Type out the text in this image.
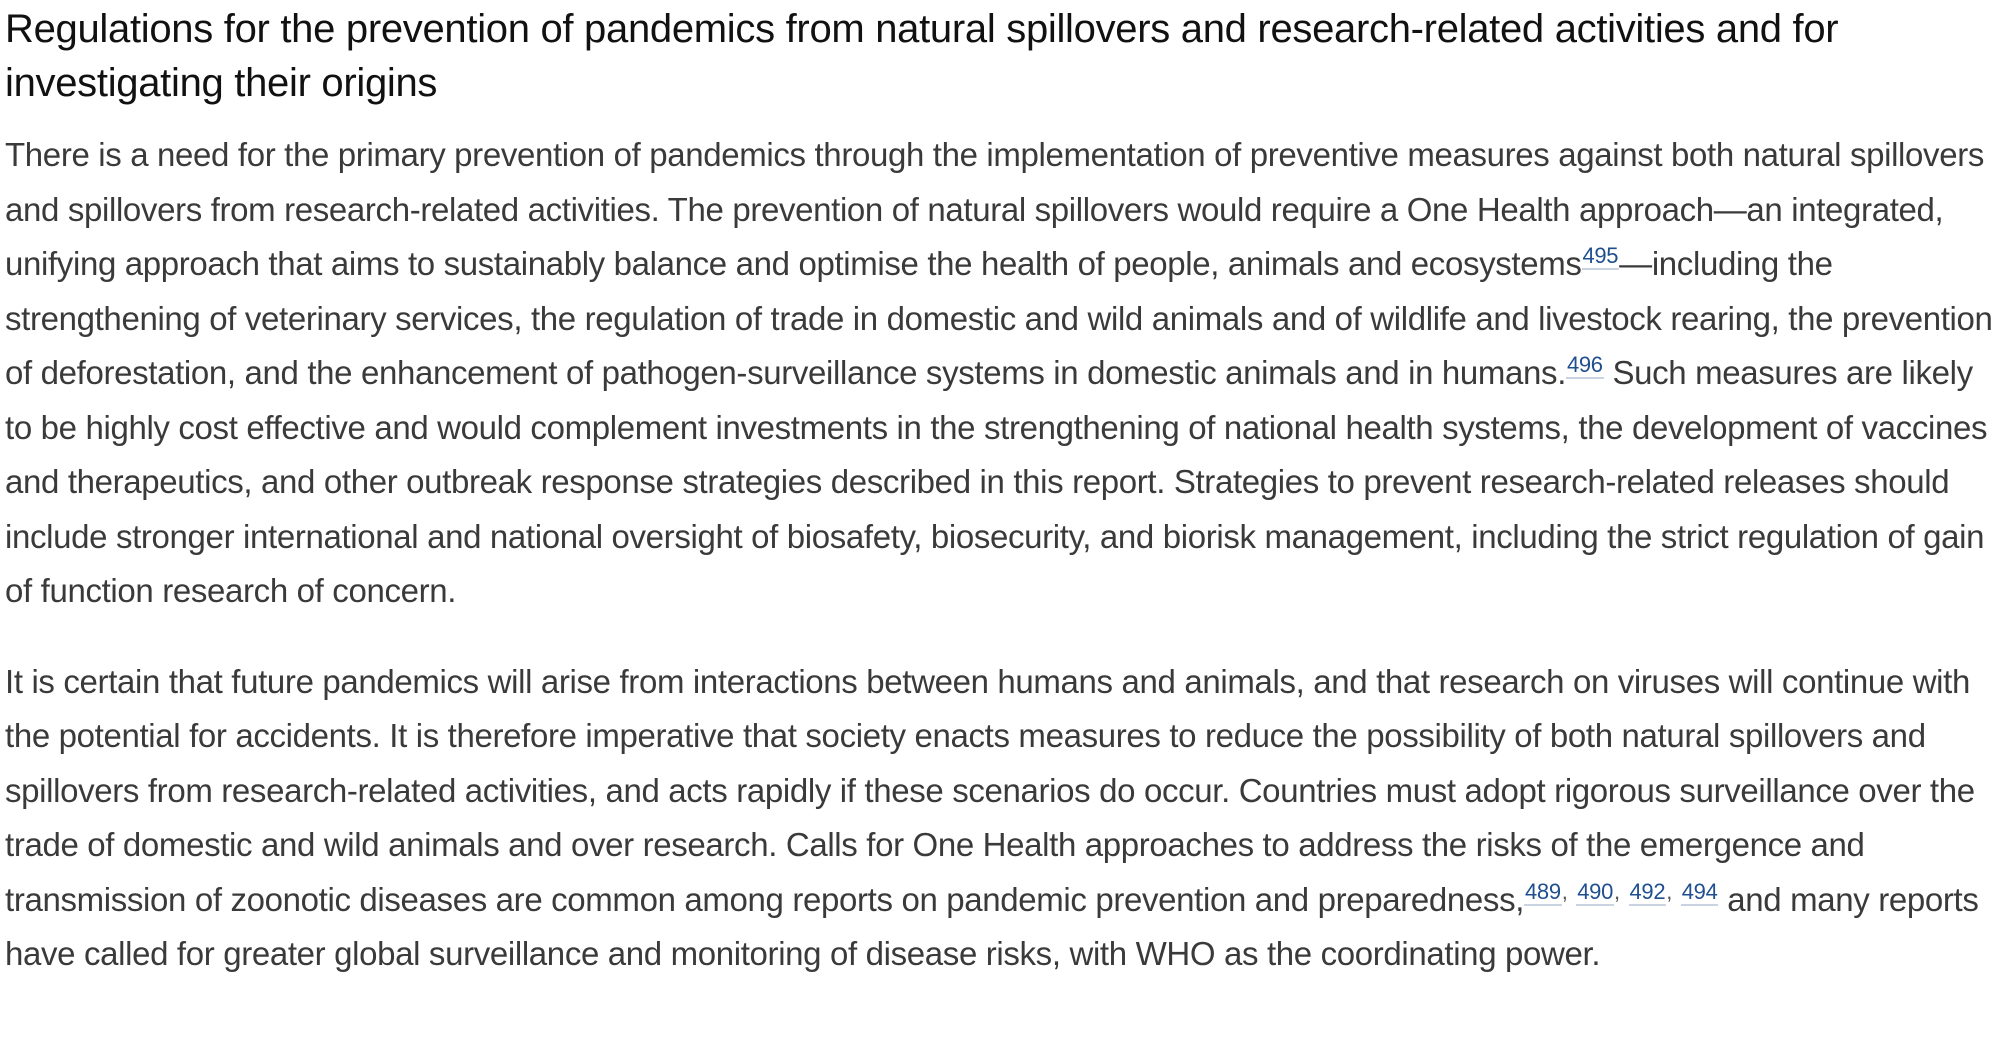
Regulations for the prevention of pandemics from natural spillovers and research-related activities and for investigating their origins

There is a need for the primary prevention of pandemics through the implementation of preventive measures against both natural spillovers and spillovers from research-related activities. The prevention of natural spillovers would require a One Health approach—an integrated, unifying approach that aims to sustainably balance and optimise the health of people, animals and ecosystems$^{495}$—including the strengthening of veterinary services, the regulation of trade in domestic and wild animals and of wildlife and livestock rearing, the prevention of deforestation, and the enhancement of pathogen-surveillance systems in domestic animals and in humans.$^{496}$ Such measures are likely to be highly cost effective and would complement investments in the strengthening of national health systems, the development of vaccines and therapeutics, and other outbreak response strategies described in this report. Strategies to prevent research-related releases should include stronger international and national oversight of biosafety, biosecurity, and biorisk management, including the strict regulation of gain of function research of concern.

It is certain that future pandemics will arise from interactions between humans and animals, and that research on viruses will continue with the potential for accidents. It is therefore imperative that society enacts measures to reduce the possibility of both natural spillovers and spillovers from research-related activities, and acts rapidly if these scenarios do occur. Countries must adopt rigorous surveillance over the trade of domestic and wild animals and over research. Calls for One Health approaches to address the risks of the emergence and transmission of zoonotic diseases are common among reports on pandemic prevention and preparedness,$^{489,}$ $^{490,}$ $^{492,}$ $^{494}$ and many reports have called for greater global surveillance and monitoring of disease risks, with WHO as the coordinating power.
